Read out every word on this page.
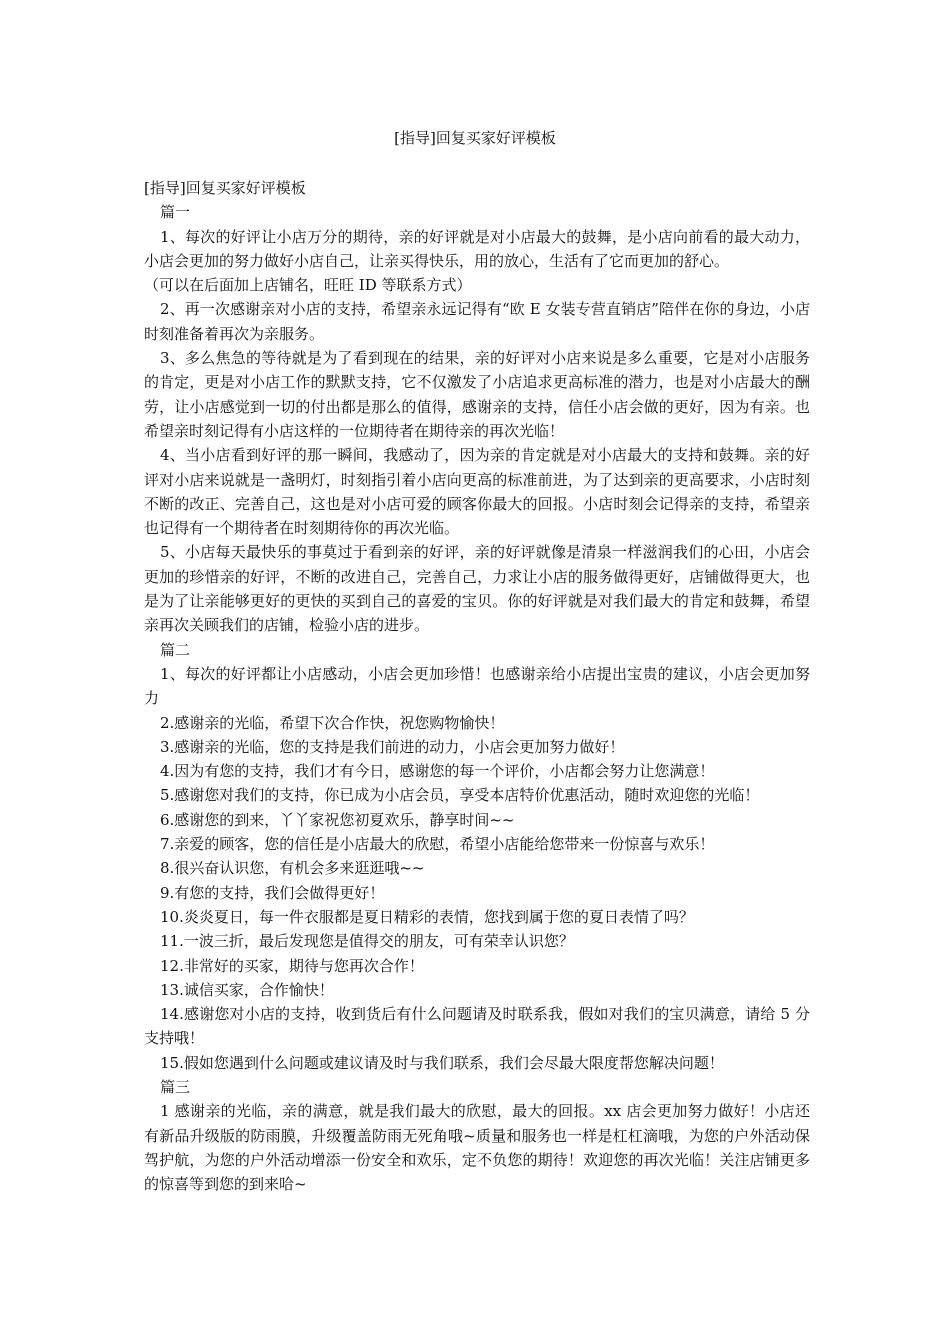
[指导]回复买家好评模板
[指导]回复买家好评模板
篇一
1、每次的好评让小店万分的期待，亲的好评就是对小店最大的鼓舞，是小店向前看的最大动力，小店会更加的努力做好小店自己，让亲买得快乐，用的放心，生活有了它而更加的舒心。
（可以在后面加上店铺名，旺旺 ID 等联系方式）
2、再一次感谢亲对小店的支持，希望亲永远记得有“欧 E 女装专营直销店”陪伴在你的身边，小店时刻准备着再次为亲服务。
3、多么焦急的等待就是为了看到现在的结果，亲的好评对小店来说是多么重要，它是对小店服务的肯定，更是对小店工作的默默支持，它不仅激发了小店追求更高标准的潜力，也是对小店最大的酬劳，让小店感觉到一切的付出都是那么的值得，感谢亲的支持，信任小店会做的更好，因为有亲。也希望亲时刻记得有小店这样的一位期待者在期待亲的再次光临！
4、当小店看到好评的那一瞬间，我感动了，因为亲的肯定就是对小店最大的支持和鼓舞。亲的好评对小店来说就是一盏明灯，时刻指引着小店向更高的标准前进，为了达到亲的更高要求，小店时刻不断的改正、完善自己，这也是对小店可爱的顾客你最大的回报。小店时刻会记得亲的支持，希望亲也记得有一个期待者在时刻期待你的再次光临。
5、小店每天最快乐的事莫过于看到亲的好评，亲的好评就像是清泉一样滋润我们的心田，小店会更加的珍惜亲的好评，不断的改进自己，完善自己，力求让小店的服务做得更好，店铺做得更大，也是为了让亲能够更好的更快的买到自己的喜爱的宝贝。你的好评就是对我们最大的肯定和鼓舞，希望亲再次关顾我们的店铺，检验小店的进步。
篇二
1、每次的好评都让小店感动，小店会更加珍惜！也感谢亲给小店提出宝贵的建议，小店会更加努力
2.感谢亲的光临，希望下次合作快，祝您购物愉快！
3.感谢亲的光临，您的支持是我们前进的动力，小店会更加努力做好！
4.因为有您的支持，我们才有今日，感谢您的每一个评价，小店都会努力让您满意！
5.感谢您对我们的支持，你已成为小店会员，享受本店特价优惠活动，随时欢迎您的光临！
6.感谢您的到来，丫丫家祝您初夏欢乐，静享时间~~
7.亲爱的顾客，您的信任是小店最大的欣慰，希望小店能给您带来一份惊喜与欢乐！
8.很兴奋认识您，有机会多来逛逛哦~~
9.有您的支持，我们会做得更好！
10.炎炎夏日，每一件衣服都是夏日精彩的表情，您找到属于您的夏日表情了吗？
11.一波三折，最后发现您是值得交的朋友，可有荣幸认识您？
12.非常好的买家，期待与您再次合作！
13.诚信买家，合作愉快！
14.感谢您对小店的支持，收到货后有什么问题请及时联系我，假如对我们的宝贝满意，请给 5 分支持哦！
15.假如您遇到什么问题或建议请及时与我们联系，我们会尽最大限度帮您解决问题！
篇三
1 感谢亲的光临，亲的满意，就是我们最大的欣慰，最大的回报。xx 店会更加努力做好！小店还有新品升级版的防雨膜，升级覆盖防雨无死角哦~质量和服务也一样是杠杠滴哦，为您的户外活动保驾护航，为您的户外活动增添一份安全和欢乐，定不负您的期待！欢迎您的再次光临！关注店铺更多的惊喜等到您的到来哈~
